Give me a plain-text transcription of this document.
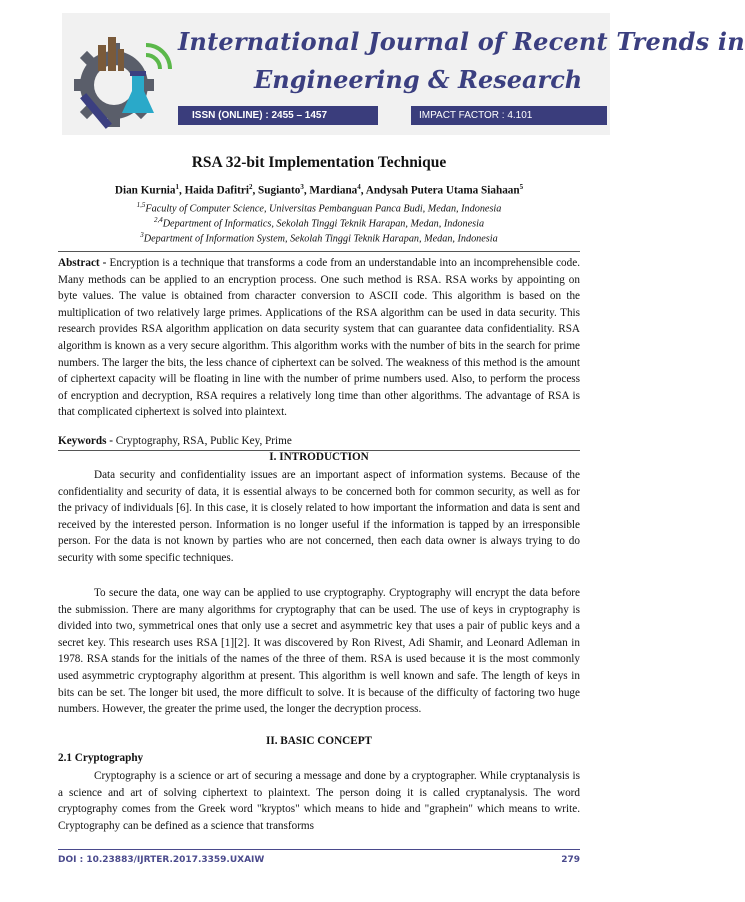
International Journal of Recent Trends in
Engineering & Research
ISSN (ONLINE) : 2455 – 1457	IMPACT FACTOR : 4.101
RSA 32-bit Implementation Technique
Dian Kurnia$^1$, Haida Dafitri$^2$, Sugianto$^3$, Mardiana$^4$, Andysah Putera Utama Siahaan$^5$
$^{1,5}$Faculty of Computer Science, Universitas Pembanguan Panca Budi, Medan, Indonesia
$^{2,4}$Department of Informatics, Sekolah Tinggi Teknik Harapan, Medan, Indonesia
$^3$Department of Information System, Sekolah Tinggi Teknik Harapan, Medan, Indonesia
Abstract - Encryption is a technique that transforms a code from an understandable into an incomprehensible code. Many methods can be applied to an encryption process. One such method is RSA. RSA works by appointing on byte values. The value is obtained from character conversion to ASCII code. This algorithm is based on the multiplication of two relatively large primes. Applications of the RSA algorithm can be used in data security. This research provides RSA algorithm application on data security system that can guarantee data confidentiality. RSA algorithm is known as a very secure algorithm. This algorithm works with the number of bits in the search for prime numbers. The larger the bits, the less chance of ciphertext can be solved. The weakness of this method is the amount of ciphertext capacity will be floating in line with the number of prime numbers used. Also, to perform the process of encryption and decryption, RSA requires a relatively long time than other algorithms. The advantage of RSA is that complicated ciphertext is solved into plaintext.
Keywords - Cryptography, RSA, Public Key, Prime
I. INTRODUCTION
Data security and confidentiality issues are an important aspect of information systems. Because of the confidentiality and security of data, it is essential always to be concerned both for common security, as well as for the privacy of individuals [6]. In this case, it is closely related to how important the information and data is sent and received by the interested person. Information is no longer useful if the information is tapped by an irresponsible person. For the data is not known by parties who are not concerned, then each data owner is always trying to do security with some specific techniques.
To secure the data, one way can be applied to use cryptography. Cryptography will encrypt the data before the submission. There are many algorithms for cryptography that can be used. The use of keys in cryptography is divided into two, symmetrical ones that only use a secret and asymmetric key that uses a pair of public keys and a secret key. This research uses RSA [1][2]. It was discovered by Ron Rivest, Adi Shamir, and Leonard Adleman in 1978. RSA stands for the initials of the names of the three of them. RSA is used because it is the most commonly used asymmetric cryptography algorithm at present. This algorithm is well known and safe. The length of keys in bits can be set. The longer bit used, the more difficult to solve. It is because of the difficulty of factoring two huge numbers. However, the greater the prime used, the longer the decryption process.
II. BASIC CONCEPT
2.1 Cryptography
Cryptography is a science or art of securing a message and done by a cryptographer. While cryptanalysis is a science and art of solving ciphertext to plaintext. The person doing it is called cryptanalysis. The word cryptography comes from the Greek word "kryptos" which means to hide and "graphein" which means to write. Cryptography can be defined as a science that transforms
DOI : 10.23883/IJRTER.2017.3359.UXAIW	279
